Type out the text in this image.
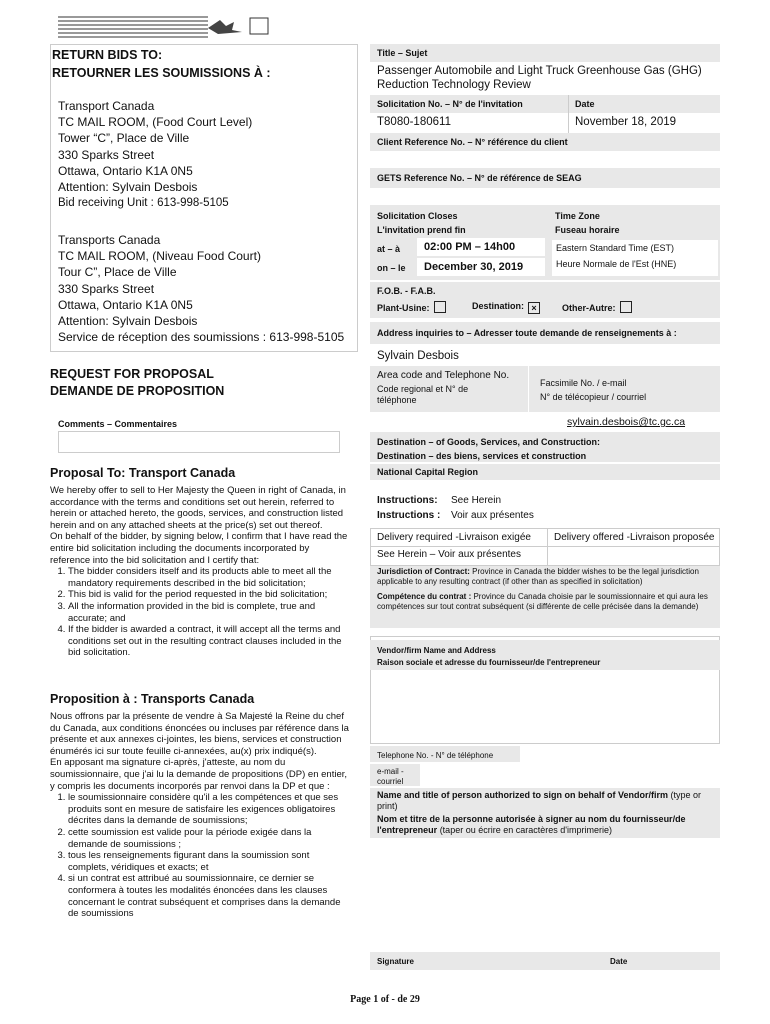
RETURN BIDS TO:
RETOURNER LES SOUMISSIONS À :
Transport Canada
TC MAIL ROOM, (Food Court Level)
Tower “C”, Place de Ville
330 Sparks Street
Ottawa, Ontario K1A 0N5
Attention: Sylvain Desbois
Bid receiving Unit : 613-998-5105
Transports Canada
TC MAIL ROOM, (Niveau Food Court)
Tour C”, Place de Ville
330 Sparks Street
Ottawa, Ontario K1A 0N5
Attention: Sylvain Desbois
Service de réception des soumissions : 613-998-5105
REQUEST FOR PROPOSAL
DEMANDE DE PROPOSITION
Comments – Commentaires
Proposal To: Transport Canada
We hereby offer to sell to Her Majesty the Queen in right of Canada, in accordance with the terms and conditions set out herein, referred to herein or attached hereto, the goods, services, and construction listed herein and on any attached sheets at the price(s) set out thereof.
On behalf of the bidder, by signing below, I confirm that I have read the entire bid solicitation including the documents incorporated by reference into the bid solicitation and I certify that:
1. The bidder considers itself and its products able to meet all the mandatory requirements described in the bid solicitation;
2. This bid is valid for the period requested in the bid solicitation;
3. All the information provided in the bid is complete, true and accurate; and
4. If the bidder is awarded a contract, it will accept all the terms and conditions set out in the resulting contract clauses included in the bid solicitation.
Proposition à : Transports Canada
Nous offrons par la présente de vendre à Sa Majesté la Reine du chef du Canada, aux conditions énoncées ou incluses par référence dans la présente et aux annexes ci-jointes, les biens, services et construction énumérés ici sur toute feuille ci-annexées, au(x) prix indiqué(s).
En apposant ma signature ci-après, j'atteste, au nom du soumissionnaire, que j'ai lu la demande de propositions (DP) en entier, y compris les documents incorporés par renvoi dans la DP et que :
1. le soumissionnaire considère qu'il a les compétences et que ses produits sont en mesure de satisfaire les exigences obligatoires décrites dans la demande de soumissions;
2. cette soumission est valide pour la période exigée dans la demande de soumissions ;
3. tous les renseignements figurant dans la soumission sont complets, véridiques et exacts; et
4. si un contrat est attribué au soumissionnaire, ce dernier se conformera à toutes les modalités énoncées dans les clauses concernant le contrat subséquent et comprises dans la demande de soumissions
Title – Sujet
Passenger Automobile and Light Truck Greenhouse Gas (GHG) Reduction Technology Review
Solicitation No. – N° de l'invitation	Date
T8080-180611	November 18, 2019
Client Reference No. – N° référence du client
GETS Reference No. – N° de référence de SEAG
Solicitation Closes
L'invitation prend fin
Time Zone
Fuseau horaire
at – à	02:00 PM – 14h00
on – le	December 30, 2019
Eastern Standard Time (EST)
Heure Normale de l'Est (HNE)
F.O.B. - F.A.B.
Plant-Usine:	Destination: ×	Other-Autre:
Address inquiries to – Adresser toute demande de renseignements à :
Sylvain Desbois
Area code and Telephone No.
Code regional et N° de téléphone
Facsimile No. / e-mail
N° de télécopieur / courriel
sylvain.desbois@tc.gc.ca
Destination – of Goods, Services, and Construction:
Destination – des biens, services et construction
National Capital Region
Instructions: See Herein
Instructions : Voir aux présentes
Delivery required -Livraison exigée Delivery offered -Livraison proposée
See Herein – Voir aux présentes
Jurisdiction of Contract: Province in Canada the bidder wishes to be the legal jurisdiction applicable to any resulting contract (if other than as specified in solicitation)
Compétence du contrat : Province du Canada choisie par le soumissionnaire et qui aura les compétences sur tout contrat subséquent (si différente de celle précisée dans la demande)
Vendor/firm Name and Address
Raison sociale et adresse du fournisseur/de l'entrepreneur
Telephone No. - N° de téléphone
e-mail - courriel
Name and title of person authorized to sign on behalf of Vendor/firm (type or print)
Nom et titre de la personne autorisée à signer au nom du fournisseur/de l'entrepreneur (taper ou écrire en caractères d'imprimerie)
Signature	Date
Page 1 of - de 29
